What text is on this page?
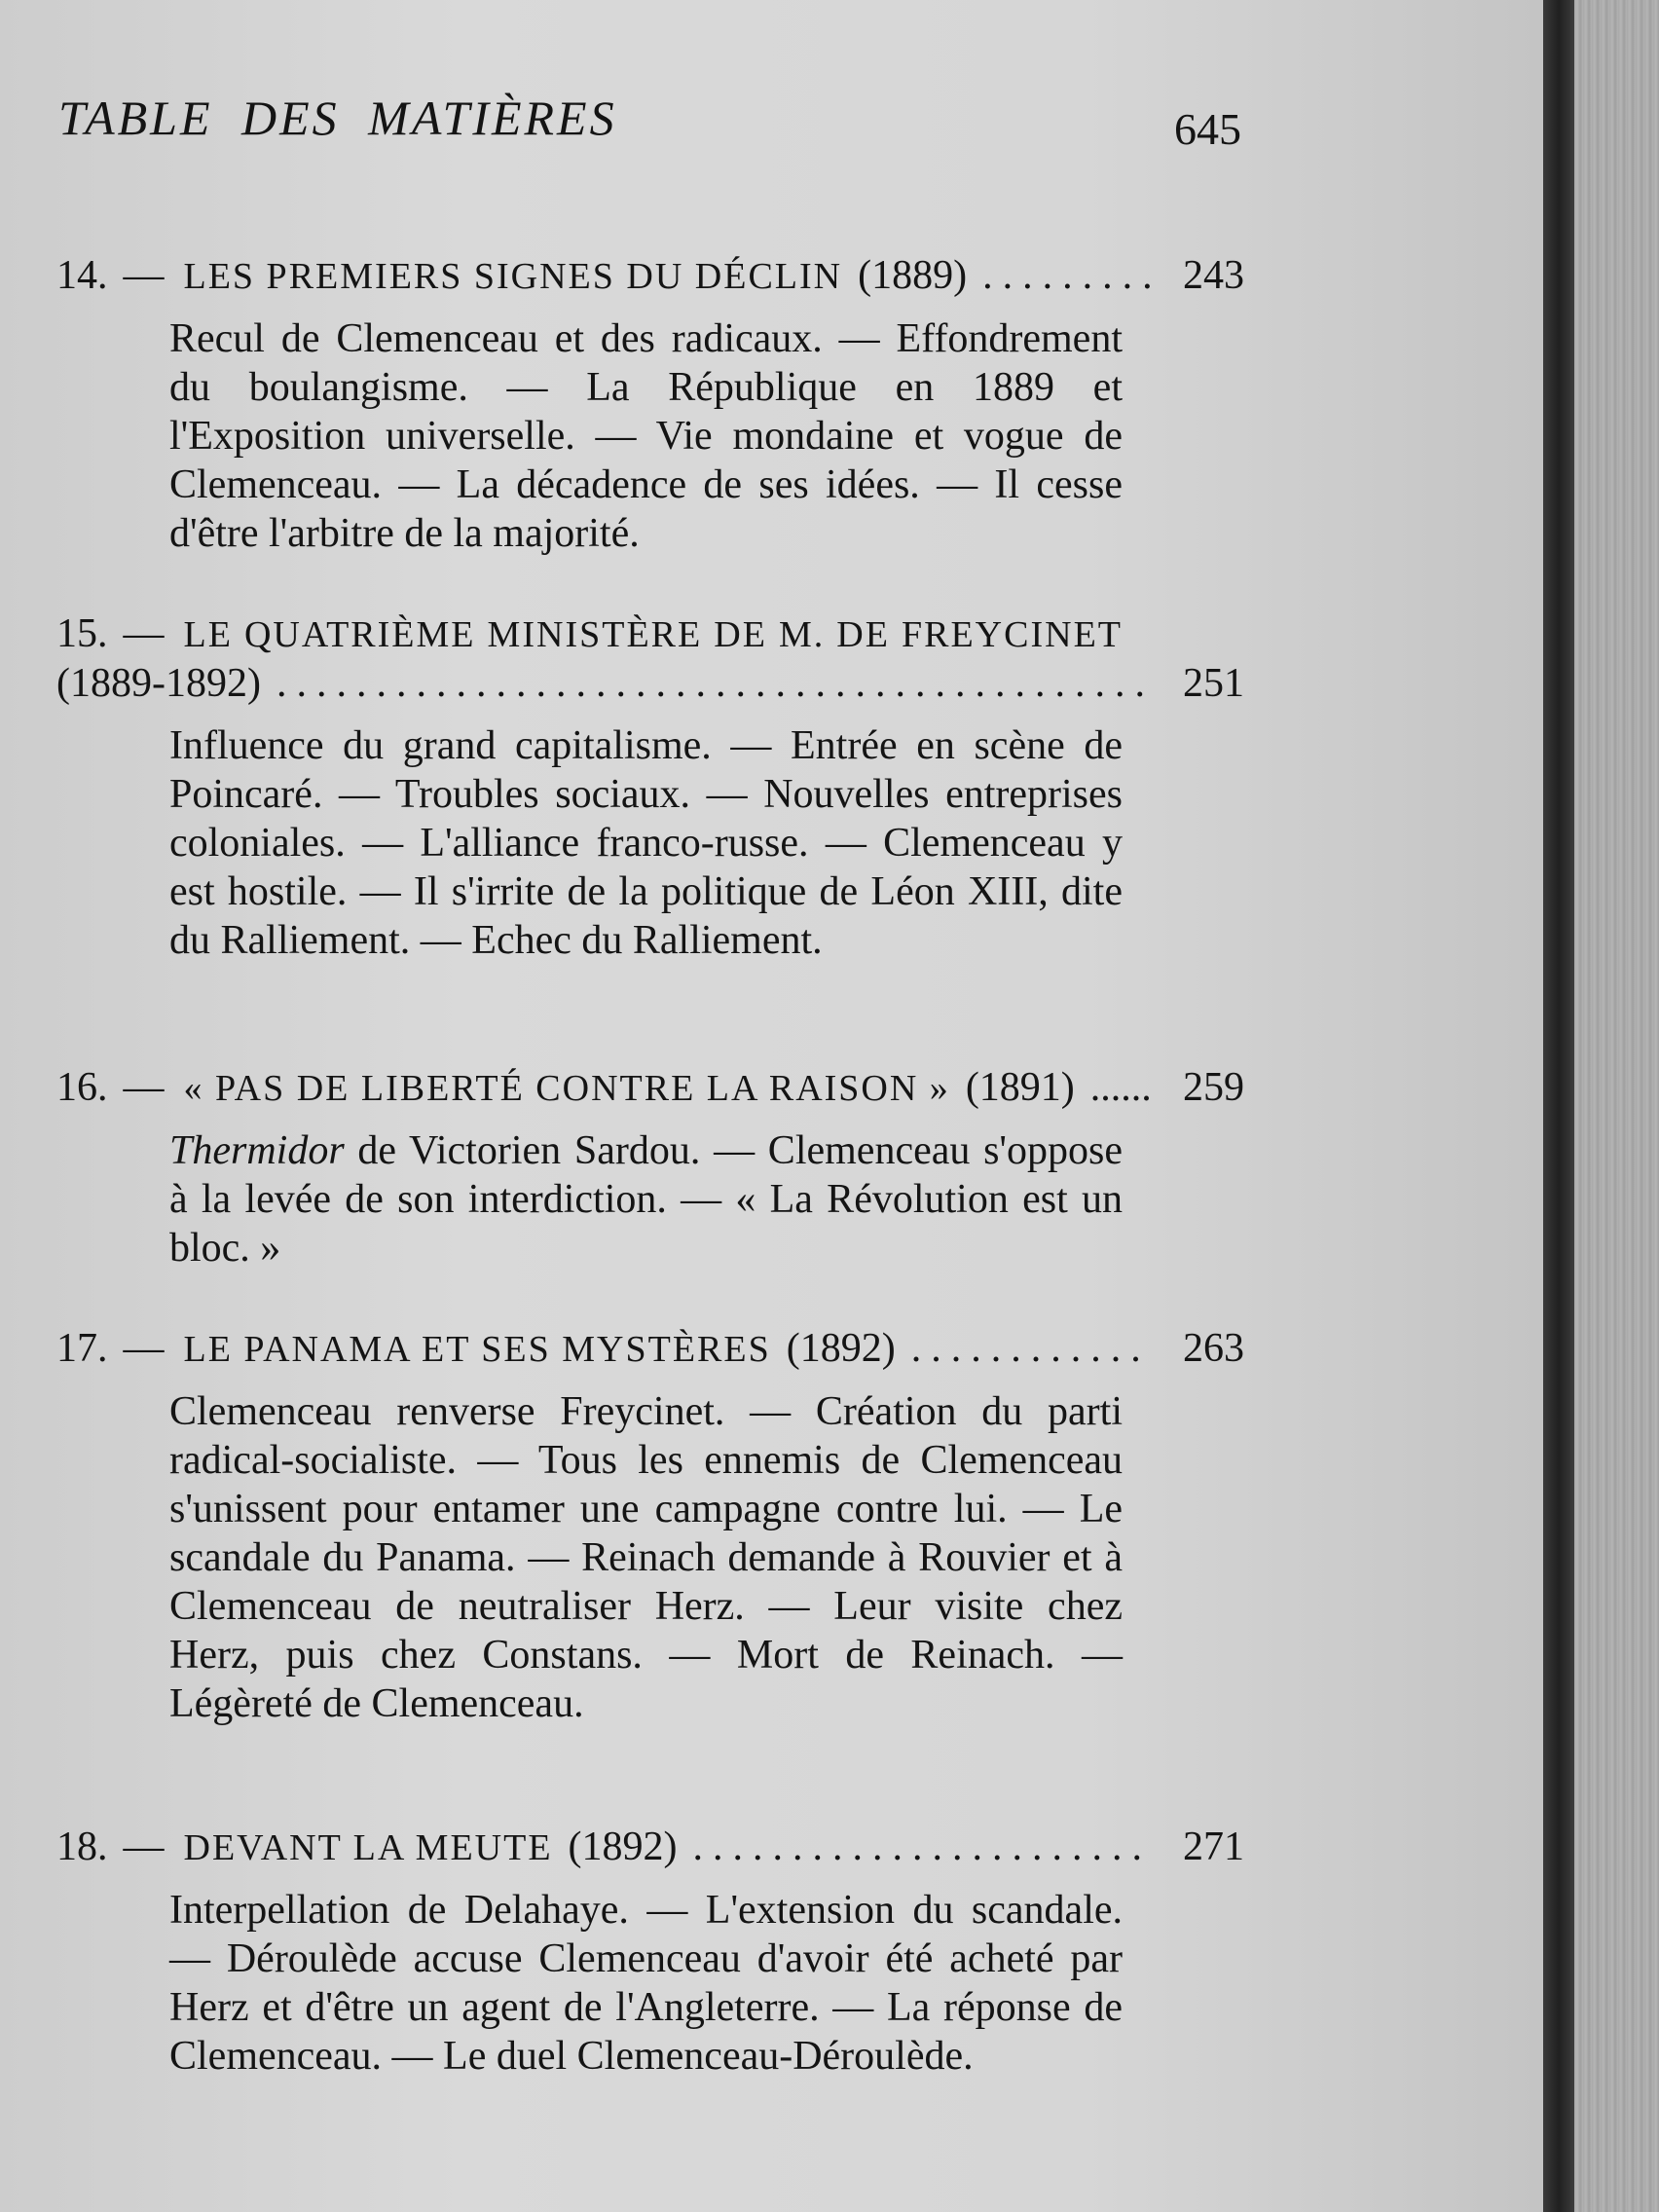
TABLE DES MATIÈRES	645
14. — LES PREMIERS SIGNES DU DÉCLIN (1889) .....	243
Recul de Clemenceau et des radicaux. — Effondrement du boulangisme. — La République en 1889 et l'Exposition universelle. — Vie mondaine et vogue de Clemenceau. — La décadence de ses idées. — Il cesse d'être l'arbitre de la majorité.
15. — LE QUATRIÈME MINISTÈRE DE M. DE FREYCINET
(1889-1892) .....	251
Influence du grand capitalisme. — Entrée en scène de Poincaré. — Troubles sociaux. — Nouvelles entreprises coloniales. — L'alliance franco-russe. — Clemenceau y est hostile. — Il s'irrite de la politique de Léon XIII, dite du Ralliement. — Echec du Ralliement.
16. — « PAS DE LIBERTÉ CONTRE LA RAISON » (1891) .....	259
Thermidor de Victorien Sardou. — Clemenceau s'oppose à la levée de son interdiction. — « La Révolution est un bloc. »
17. — LE PANAMA ET SES MYSTÈRES (1892) .....	263
Clemenceau renverse Freycinet. — Création du parti radical-socialiste. — Tous les ennemis de Clemenceau s'unissent pour entamer une campagne contre lui. — Le scandale du Panama. — Reinach demande à Rouvier et à Clemenceau de neutraliser Herz. — Leur visite chez Herz, puis chez Constans. — Mort de Reinach. — Légèreté de Clemenceau.
18. — DEVANT LA MEUTE (1892) .....	271
Interpellation de Delahaye. — L'extension du scandale. — Déroulède accuse Clemenceau d'avoir été acheté par Herz et d'être un agent de l'Angleterre. — La réponse de Clemenceau. — Le duel Clemenceau-Déroulède.
